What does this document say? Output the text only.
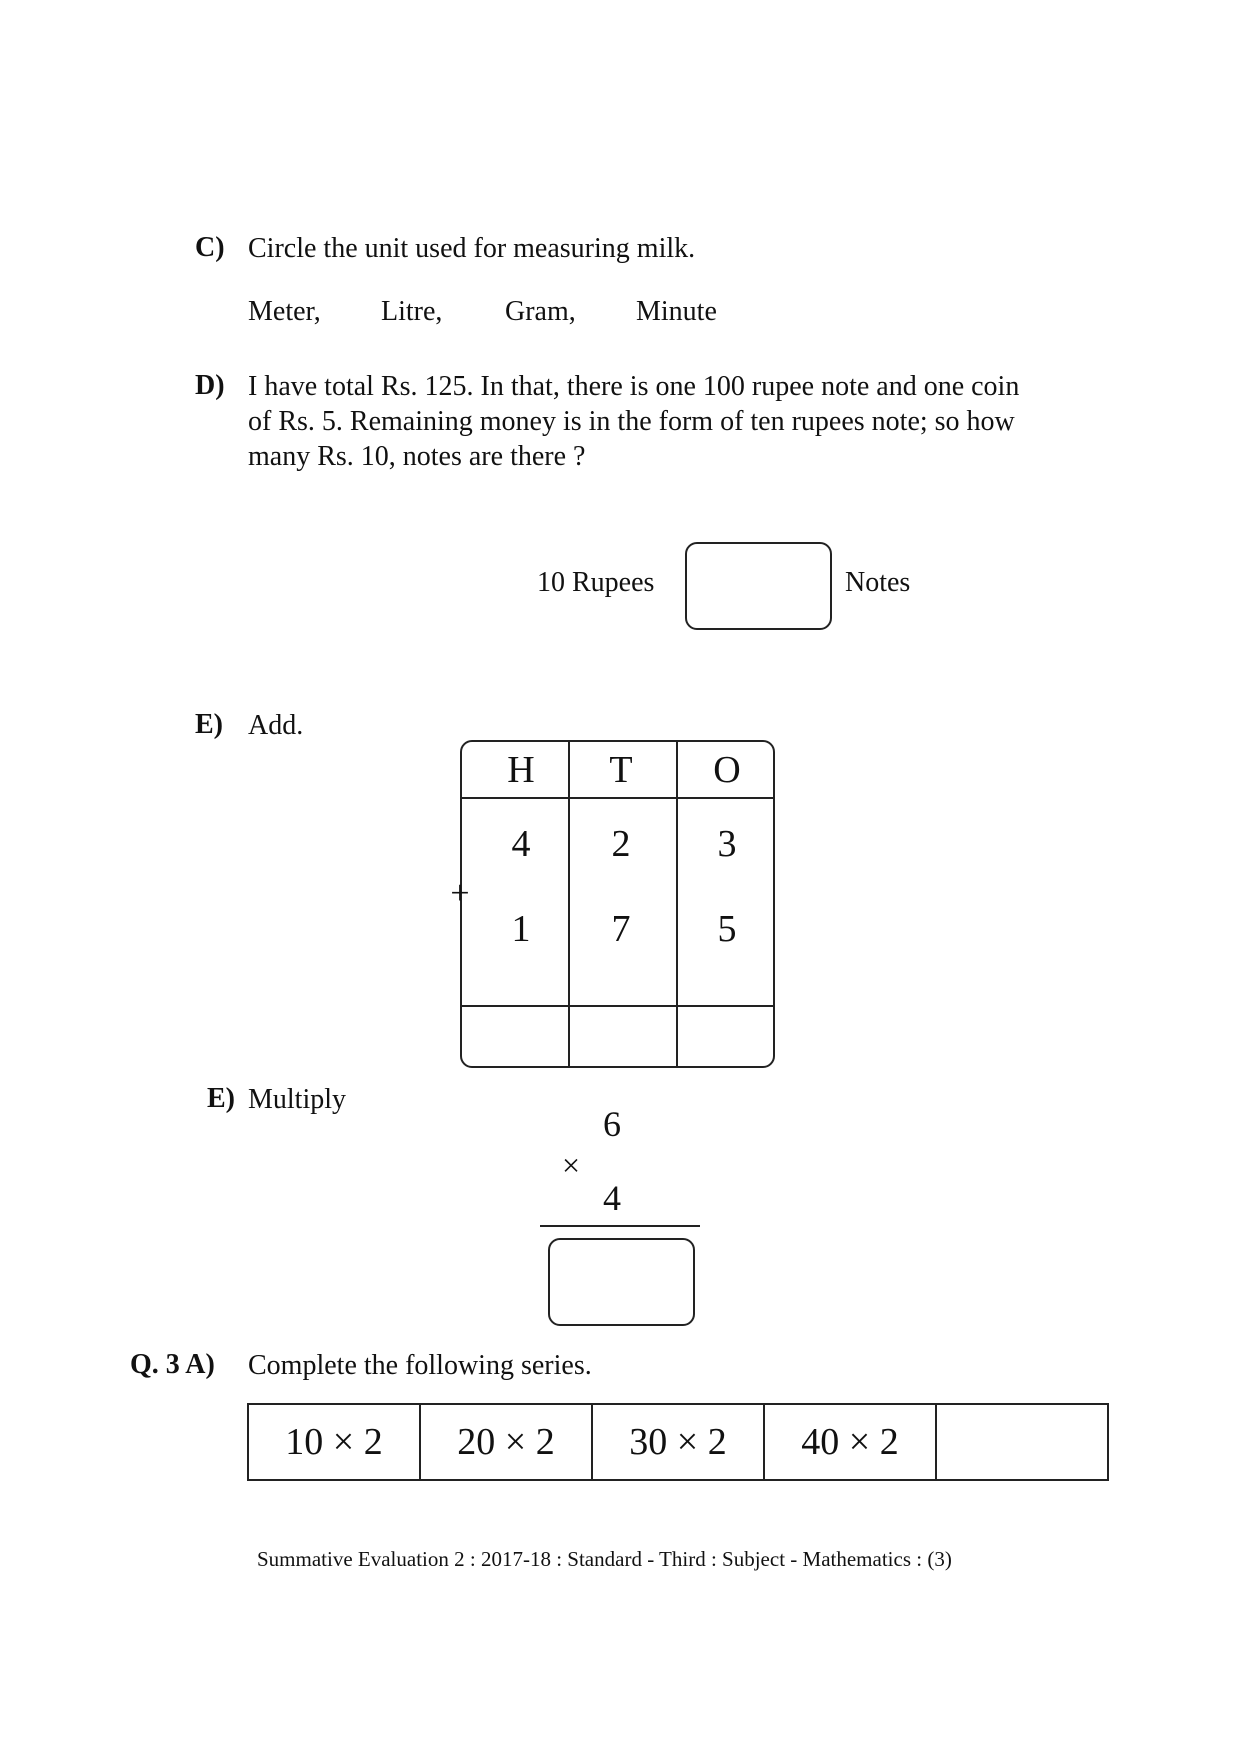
C) Circle the unit used for measuring milk.
Meter, Litre, Gram, Minute
D) I have total Rs. 125. In that, there is one 100 rupee note and one coin
of Rs. 5. Remaining money is in the form of ten rupees note; so how
many Rs. 10, notes are there ?
10 Rupees	Notes
E) Add.
H	T	O
4	2	3
+
1	7	5
E) Multiply
6
×
4
Q. 3 A) Complete the following series.
10 × 2	20 × 2	30 × 2	40 × 2
Summative Evaluation 2 : 2017-18 : Standard - Third : Subject - Mathematics : (3)
